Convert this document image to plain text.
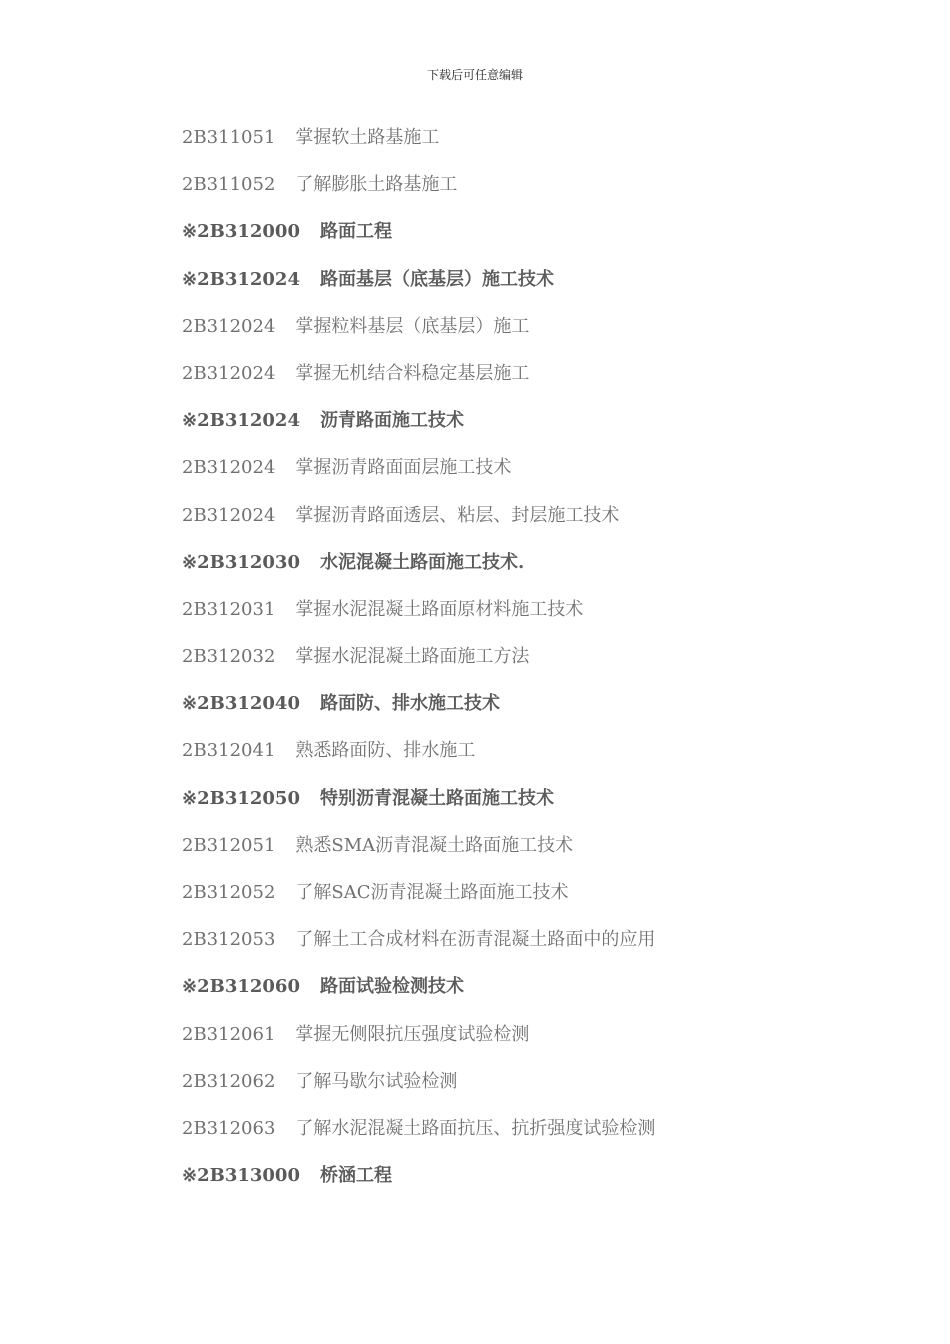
下载后可任意编辑
2B311051 掌握软土路基施工
2B311052 了解膨胀土路基施工
※2B312000 路面工程
※2B312024 路面基层（底基层）施工技术
2B312024 掌握粒料基层（底基层）施工
2B312024 掌握无机结合料稳定基层施工
※2B312024 沥青路面施工技术
2B312024 掌握沥青路面面层施工技术
2B312024 掌握沥青路面透层、粘层、封层施工技术
※2B312030 水泥混凝土路面施工技术.
2B312031 掌握水泥混凝土路面原材料施工技术
2B312032 掌握水泥混凝土路面施工方法
※2B312040 路面防、排水施工技术
2B312041 熟悉路面防、排水施工
※2B312050 特别沥青混凝土路面施工技术
2B312051 熟悉SMA沥青混凝土路面施工技术
2B312052 了解SAC沥青混凝土路面施工技术
2B312053 了解土工合成材料在沥青混凝土路面中的应用
※2B312060 路面试验检测技术
2B312061 掌握无侧限抗压强度试验检测
2B312062 了解马歇尔试验检测
2B312063 了解水泥混凝土路面抗压、抗折强度试验检测
※2B313000 桥涵工程
